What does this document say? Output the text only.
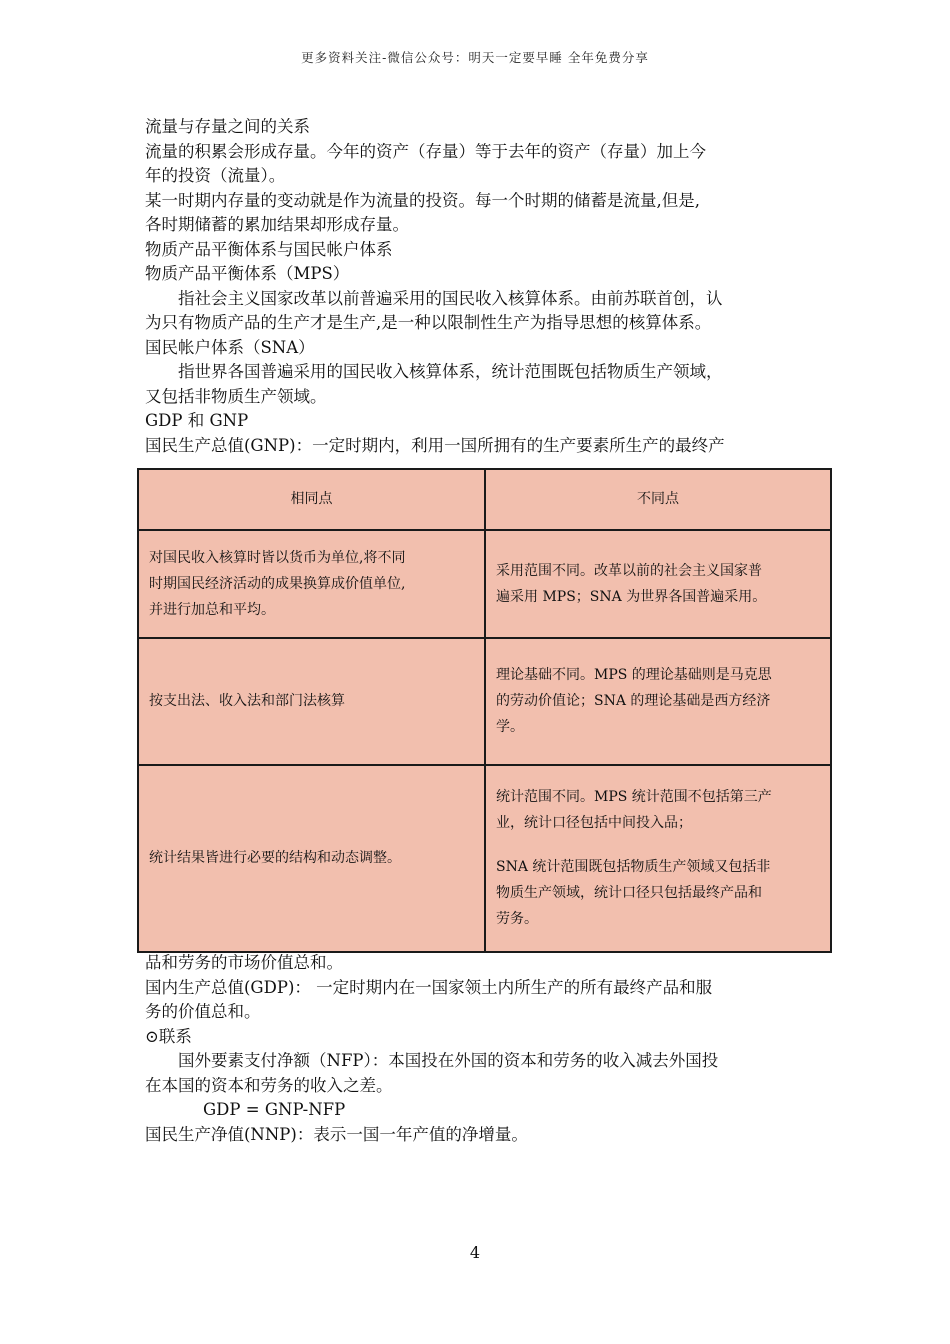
更多资料关注-微信公众号：明天一定要早睡 全年免费分享

流量与存量之间的关系

流量的积累会形成存量。今年的资产（存量）等于去年的资产（存量）加上今

年的投资（流量）。

某一时期内存量的变动就是作为流量的投资。每一个时期的储蓄是流量,但是,

各时期储蓄的累加结果却形成存量。

物质产品平衡体系与国民帐户体系

物质产品平衡体系（MPS）

指社会主义国家改革以前普遍采用的国民收入核算体系。由前苏联首创，认

为只有物质产品的生产才是生产,是一种以限制性生产为指导思想的核算体系。

国民帐户体系（SNA）

指世界各国普遍采用的国民收入核算体系，统计范围既包括物质生产领域，

又包括非物质生产领域。

GDP 和 GNP

国民生产总值(GNP)：一定时期内，利用一国所拥有的生产要素所生产的最终产

相同点	不同点

对国民收入核算时皆以货币为单位,将不同
时期国民经济活动的成果换算成价值单位,
并进行加总和平均。	采用范围不同。改革以前的社会主义国家普
遍采用 MPS；SNA 为世界各国普遍采用。

按支出法、收入法和部门法核算	理论基础不同。MPS 的理论基础则是马克思
的劳动价值论；SNA 的理论基础是西方经济
学。

统计结果皆进行必要的结构和动态调整。	统计范围不同。MPS 统计范围不包括第三产
业，统计口径包括中间投入品；
SNA 统计范围既包括物质生产领域又包括非
物质生产领域，统计口径只包括最终产品和
劳务。

品和劳务的市场价值总和。

国内生产总值(GDP)： 一定时期内在一国家领土内所生产的所有最终产品和服

务的价值总和。

⊙联系

国外要素支付净额（NFP）：本国投在外国的资本和劳务的收入减去外国投

在本国的资本和劳务的收入之差。

GDP = GNP-NFP

国民生产净值(NNP)：表示一国一年产值的净增量。

4
